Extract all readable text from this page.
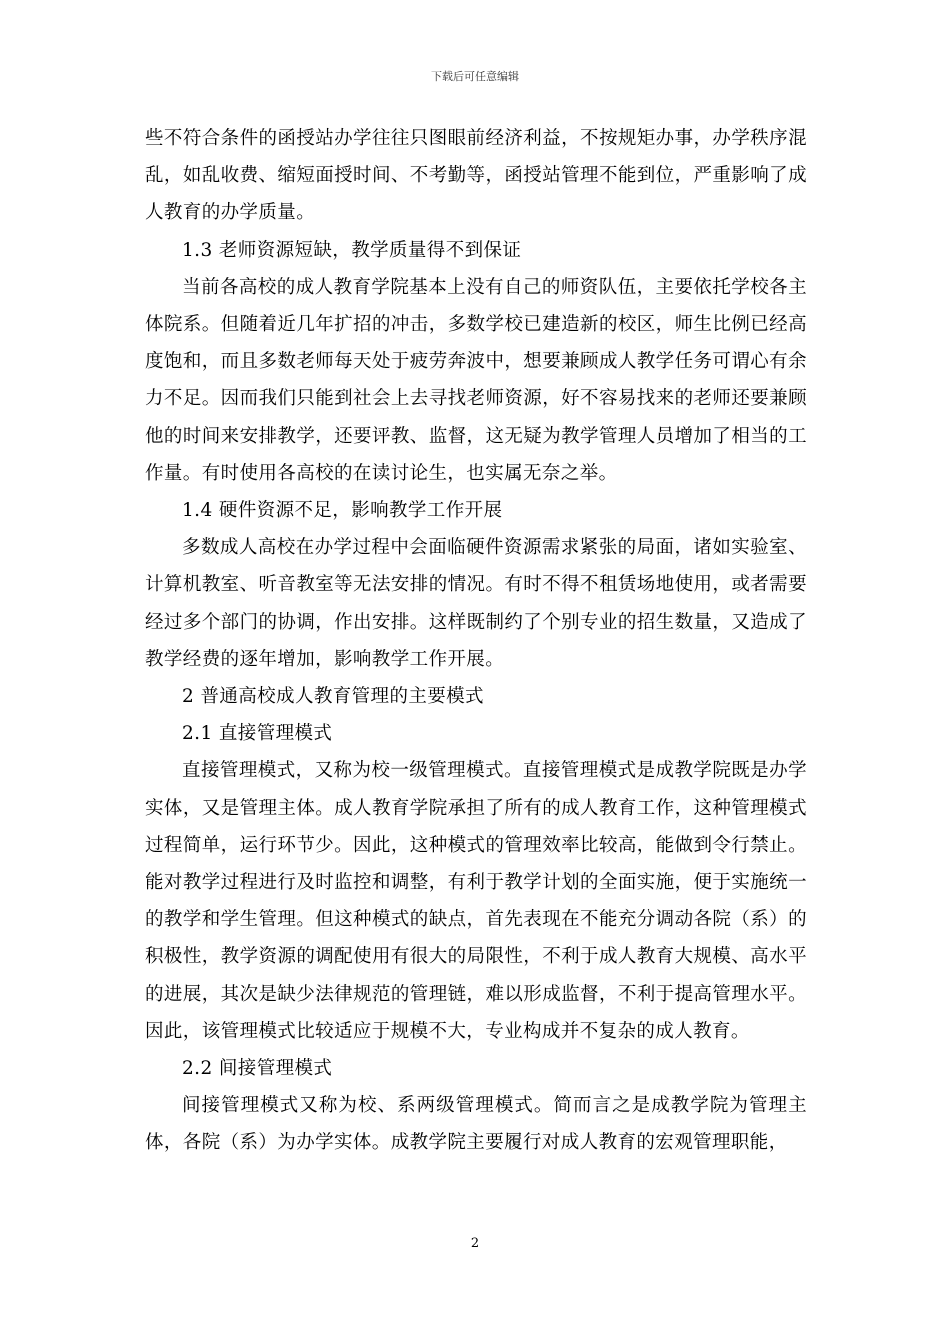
下载后可任意编辑

些不符合条件的函授站办学往往只图眼前经济利益，不按规矩办事，办学秩序混乱，如乱收费、缩短面授时间、不考勤等，函授站管理不能到位，严重影响了成人教育的办学质量。

1.3 老师资源短缺，教学质量得不到保证

当前各高校的成人教育学院基本上没有自己的师资队伍，主要依托学校各主体院系。但随着近几年扩招的冲击，多数学校已建造新的校区，师生比例已经高度饱和，而且多数老师每天处于疲劳奔波中，想要兼顾成人教学任务可谓心有余力不足。因而我们只能到社会上去寻找老师资源，好不容易找来的老师还要兼顾他的时间来安排教学，还要评教、监督，这无疑为教学管理人员增加了相当的工作量。有时使用各高校的在读讨论生，也实属无奈之举。

1.4 硬件资源不足，影响教学工作开展

多数成人高校在办学过程中会面临硬件资源需求紧张的局面，诸如实验室、计算机教室、听音教室等无法安排的情况。有时不得不租赁场地使用，或者需要经过多个部门的协调，作出安排。这样既制约了个别专业的招生数量，又造成了教学经费的逐年增加，影响教学工作开展。

2 普通高校成人教育管理的主要模式

2.1 直接管理模式

直接管理模式，又称为校一级管理模式。直接管理模式是成教学院既是办学实体，又是管理主体。成人教育学院承担了所有的成人教育工作，这种管理模式过程简单，运行环节少。因此，这种模式的管理效率比较高，能做到令行禁止。能对教学过程进行及时监控和调整，有利于教学计划的全面实施，便于实施统一的教学和学生管理。但这种模式的缺点，首先表现在不能充分调动各院（系）的积极性，教学资源的调配使用有很大的局限性，不利于成人教育大规模、高水平的进展，其次是缺少法律规范的管理链，难以形成监督，不利于提高管理水平。因此，该管理模式比较适应于规模不大，专业构成并不复杂的成人教育。

2.2 间接管理模式

间接管理模式又称为校、系两级管理模式。简而言之是成教学院为管理主体，各院（系）为办学实体。成教学院主要履行对成人教育的宏观管理职能，

2
